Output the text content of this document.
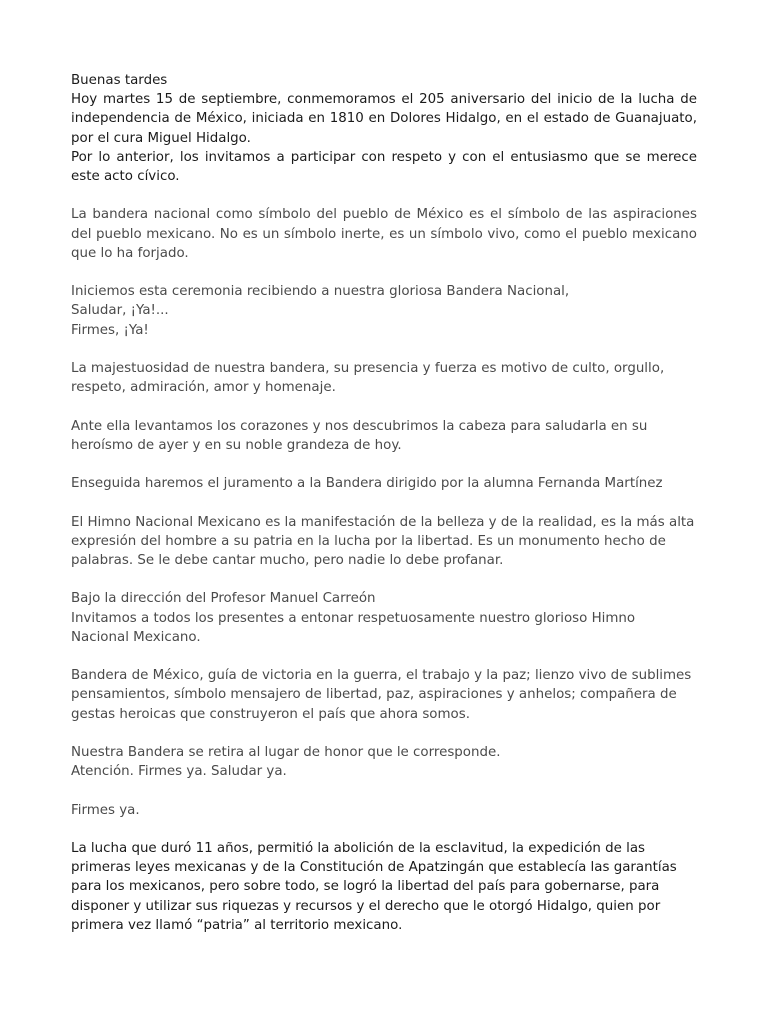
Buenas tardes
Hoy martes 15 de septiembre, conmemoramos el 205 aniversario del inicio de la lucha de independencia de México, iniciada en 1810 en Dolores Hidalgo, en el estado de Guanajuato, por el cura Miguel Hidalgo.
Por lo anterior, los invitamos a participar con respeto y con el entusiasmo que se merece este acto cívico.
La bandera nacional como símbolo del pueblo de México es el símbolo de las aspiraciones del pueblo mexicano. No es un símbolo inerte, es un símbolo vivo, como el pueblo mexicano que lo ha forjado.
Iniciemos esta ceremonia recibiendo a nuestra gloriosa Bandera Nacional,
Saludar, ¡Ya!...
Firmes, ¡Ya!
La majestuosidad de nuestra bandera, su presencia y fuerza es motivo de culto, orgullo, respeto, admiración, amor y homenaje.
Ante ella levantamos los corazones y nos descubrimos la cabeza para saludarla en su heroísmo de ayer y en su noble grandeza de hoy.
Enseguida haremos el juramento a la Bandera dirigido por la alumna Fernanda Martínez
El Himno Nacional Mexicano es la manifestación de la belleza y de la realidad, es la más alta expresión del hombre a su patria en la lucha por la libertad. Es un monumento hecho de palabras. Se le debe cantar mucho, pero nadie lo debe profanar.
Bajo la dirección del Profesor Manuel Carreón
Invitamos a todos los presentes a entonar respetuosamente nuestro glorioso Himno Nacional Mexicano.
Bandera de México, guía de victoria en la guerra, el trabajo y la paz; lienzo vivo de sublimes pensamientos, símbolo mensajero de libertad, paz, aspiraciones y anhelos; compañera de gestas heroicas que construyeron el país que ahora somos.
Nuestra Bandera se retira al lugar de honor que le corresponde.
Atención. Firmes ya. Saludar ya.
Firmes ya.
La lucha que duró 11 años, permitió la abolición de la esclavitud, la expedición de las primeras leyes mexicanas y de la Constitución de Apatzingán que establecía las garantías para los mexicanos, pero sobre todo, se logró la libertad del país para gobernarse, para disponer y utilizar sus riquezas y recursos y el derecho que le otorgó Hidalgo, quien por primera vez llamó “patria” al territorio mexicano.
